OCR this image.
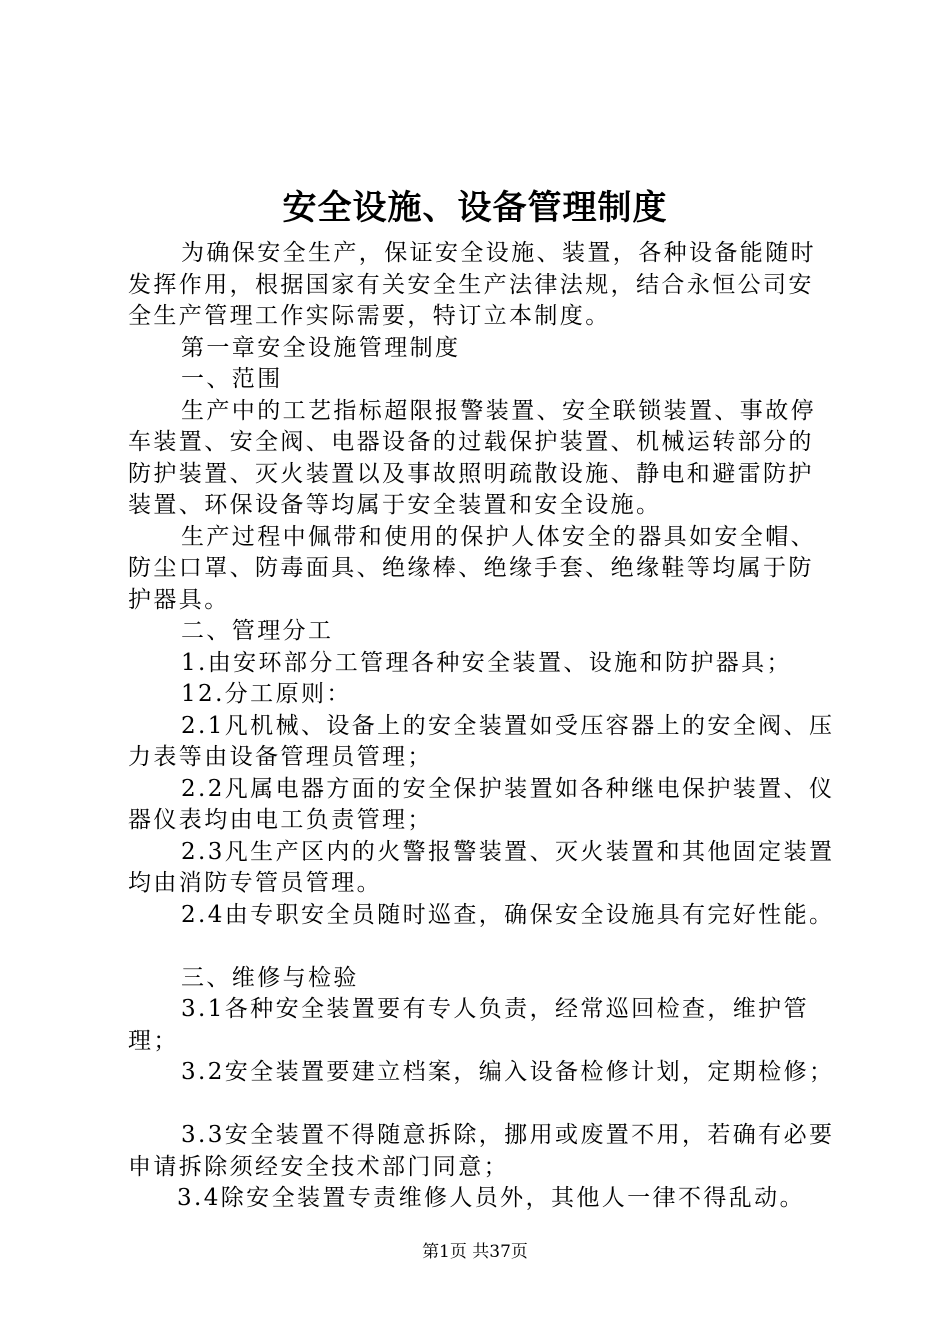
安全设施、设备管理制度

为确保安全生产，保证安全设施、装置，各种设备能随时发挥作用，根据国家有关安全生产法律法规，结合永恒公司安全生产管理工作实际需要，特订立本制度。

第一章安全设施管理制度

一、范围

生产中的工艺指标超限报警装置、安全联锁装置、事故停车装置、安全阀、电器设备的过载保护装置、机械运转部分的防护装置、灭火装置以及事故照明疏散设施、静电和避雷防护装置、环保设备等均属于安全装置和安全设施。

生产过程中佩带和使用的保护人体安全的器具如安全帽、防尘口罩、防毒面具、绝缘棒、绝缘手套、绝缘鞋等均属于防护器具。

二、管理分工

1.由安环部分工管理各种安全装置、设施和防护器具；

12.分工原则：

2.1凡机械、设备上的安全装置如受压容器上的安全阀、压力表等由设备管理员管理；

2.2凡属电器方面的安全保护装置如各种继电保护装置、仪器仪表均由电工负责管理；

2.3凡生产区内的火警报警装置、灭火装置和其他固定装置均由消防专管员管理。

2.4由专职安全员随时巡查，确保安全设施具有完好性能。

三、维修与检验

3.1各种安全装置要有专人负责，经常巡回检查，维护管理；

3.2安全装置要建立档案，编入设备检修计划，定期检修；

3.3安全装置不得随意拆除，挪用或废置不用，若确有必要申请拆除须经安全技术部门同意；

3.4除安全装置专责维修人员外，其他人一律不得乱动。

第1页 共37页
